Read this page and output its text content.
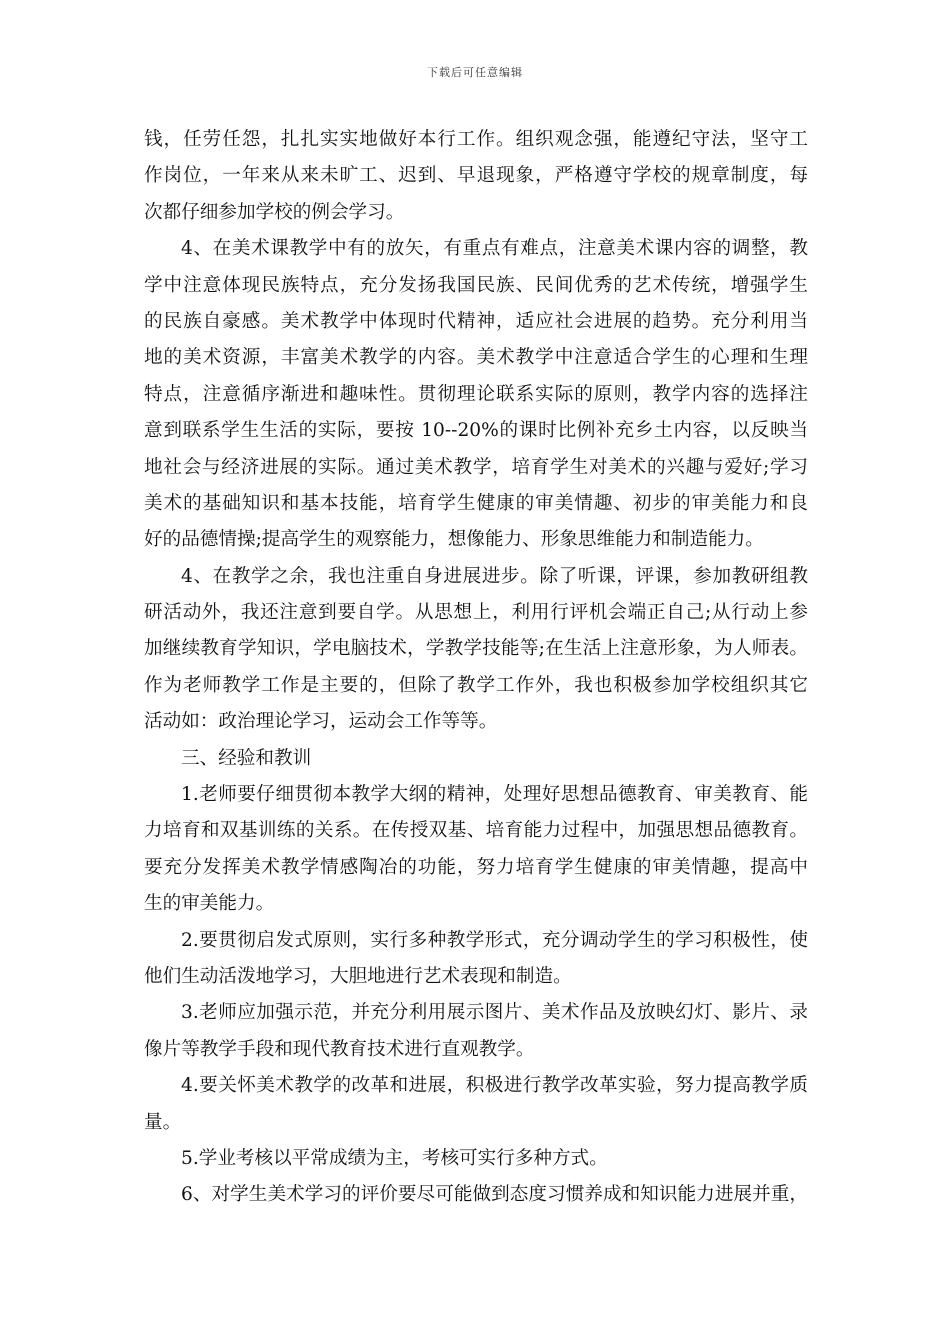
下载后可任意编辑
钱，任劳任怨，扎扎实实地做好本行工作。组织观念强，能遵纪守法，坚守工
作岗位，一年来从来未旷工、迟到、早退现象，严格遵守学校的规章制度，每
次都仔细参加学校的例会学习。
4、在美术课教学中有的放矢，有重点有难点，注意美术课内容的调整，教
学中注意体现民族特点，充分发扬我国民族、民间优秀的艺术传统，增强学生
的民族自豪感。美术教学中体现时代精神，适应社会进展的趋势。充分利用当
地的美术资源，丰富美术教学的内容。美术教学中注意适合学生的心理和生理
特点，注意循序渐进和趣味性。贯彻理论联系实际的原则，教学内容的选择注
意到联系学生生活的实际，要按 10--20%的课时比例补充乡土内容，以反映当
地社会与经济进展的实际。通过美术教学，培育学生对美术的兴趣与爱好;学习
美术的基础知识和基本技能，培育学生健康的审美情趣、初步的审美能力和良
好的品德情操;提高学生的观察能力，想像能力、形象思维能力和制造能力。
4、在教学之余，我也注重自身进展进步。除了听课，评课，参加教研组教
研活动外，我还注意到要自学。从思想上，利用行评机会端正自己;从行动上参
加继续教育学知识，学电脑技术，学教学技能等;在生活上注意形象，为人师表。
作为老师教学工作是主要的，但除了教学工作外，我也积极参加学校组织其它
活动如：政治理论学习，运动会工作等等。
三、经验和教训
1.老师要仔细贯彻本教学大纲的精神，处理好思想品德教育、审美教育、能
力培育和双基训练的关系。在传授双基、培育能力过程中，加强思想品德教育。
要充分发挥美术教学情感陶冶的功能，努力培育学生健康的审美情趣，提高中
生的审美能力。
2.要贯彻启发式原则，实行多种教学形式，充分调动学生的学习积极性，使
他们生动活泼地学习，大胆地进行艺术表现和制造。
3.老师应加强示范，并充分利用展示图片、美术作品及放映幻灯、影片、录
像片等教学手段和现代教育技术进行直观教学。
4.要关怀美术教学的改革和进展，积极进行教学改革实验，努力提高教学质
量。
5.学业考核以平常成绩为主，考核可实行多种方式。
6、对学生美术学习的评价要尽可能做到态度习惯养成和知识能力进展并重，
